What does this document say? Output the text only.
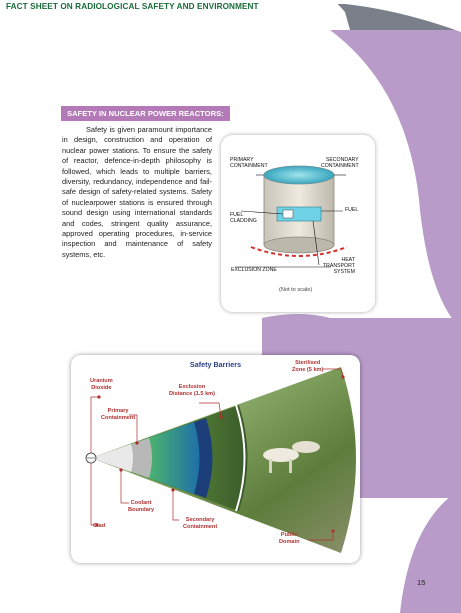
FACT SHEET ON RADIOLOGICAL SAFETY AND ENVIRONMENT
SAFETY IN NUCLEAR POWER REACTORS:
Safety is given paramount importance in design, construction and operation of nuclear power stations. To ensure the safety of reactor, defence-in-depth philosophy is followed, which leads to multiple barriers, diversity, redundancy, independence and fail-safe design of safety-related systems. Safety of nuclearpower stations is ensured through sound design using international standards and codes, stringent quality assurance, approved operating procedures, in-service inspection and maintenance of safety systems, etc.
PRIMARY
CONTAINMENT
SECONDARY
CONTAINMENT
FUEL
CLADDING
FUEL
HEAT
TRANSPORT
SYSTEM
EXCLUSION ZONE
(Not to scale)
Safety Barriers
Uranium
Dioxide
Primary
Containment
Exclusion
Distance (1.5 km)
Sterilised
Zone (5 km)
Coolant
Boundary
Secondary
Containment
Clad
Public
Domain
15
